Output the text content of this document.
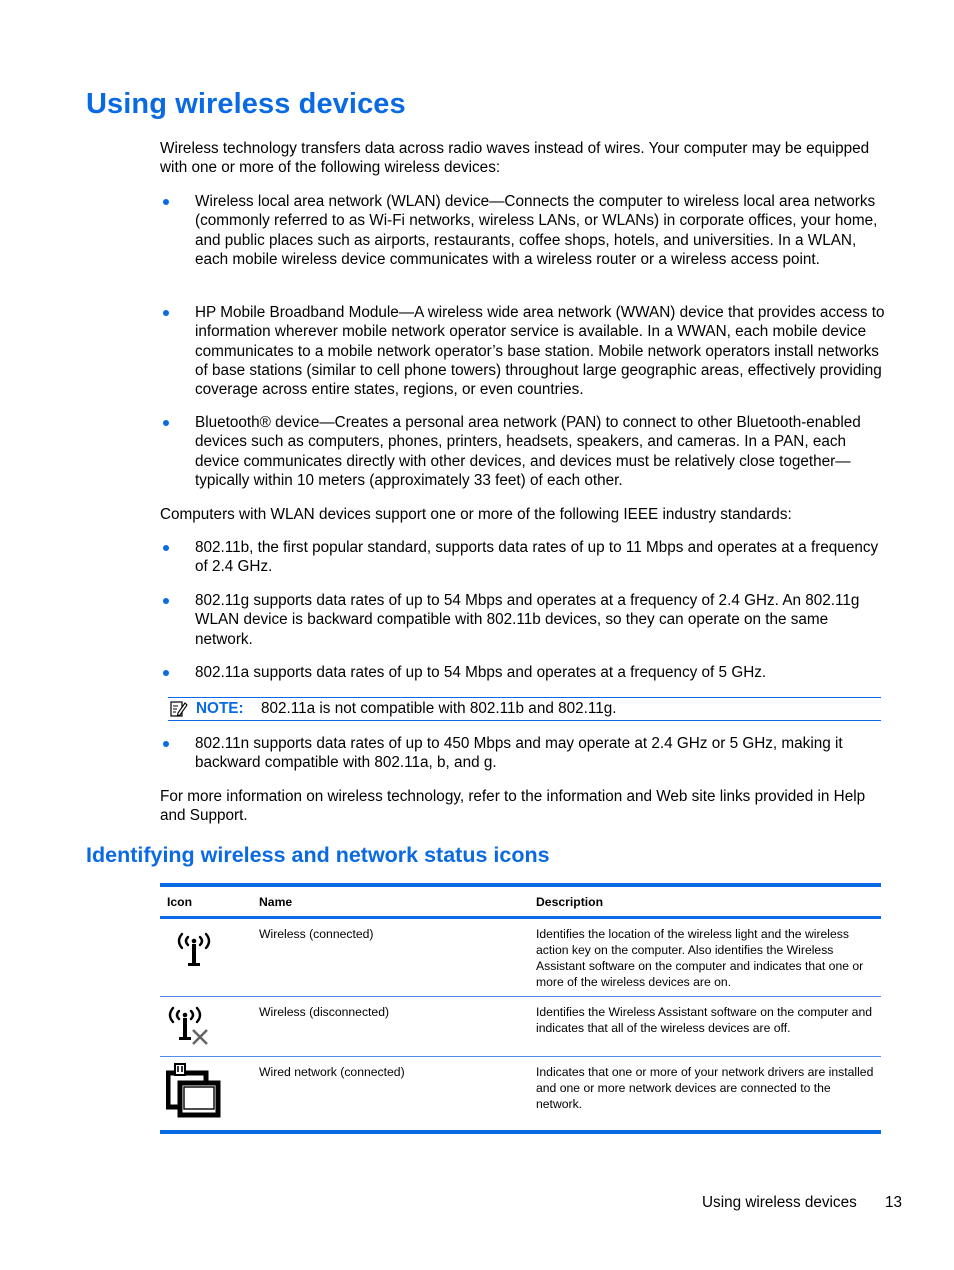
Using wireless devices

Wireless technology transfers data across radio waves instead of wires. Your computer may be equipped with one or more of the following wireless devices:

Wireless local area network (WLAN) device—Connects the computer to wireless local area networks (commonly referred to as Wi-Fi networks, wireless LANs, or WLANs) in corporate offices, your home, and public places such as airports, restaurants, coffee shops, hotels, and universities. In a WLAN, each mobile wireless device communicates with a wireless router or a wireless access point.
HP Mobile Broadband Module—A wireless wide area network (WWAN) device that provides access to information wherever mobile network operator service is available. In a WWAN, each mobile device communicates to a mobile network operator’s base station. Mobile network operators install networks of base stations (similar to cell phone towers) throughout large geographic areas, effectively providing coverage across entire states, regions, or even countries.
Bluetooth® device—Creates a personal area network (PAN) to connect to other Bluetooth-enabled devices such as computers, phones, printers, headsets, speakers, and cameras. In a PAN, each device communicates directly with other devices, and devices must be relatively close together—typically within 10 meters (approximately 33 feet) of each other.

Computers with WLAN devices support one or more of the following IEEE industry standards:

802.11b, the first popular standard, supports data rates of up to 11 Mbps and operates at a frequency of 2.4 GHz.
802.11g supports data rates of up to 54 Mbps and operates at a frequency of 2.4 GHz. An 802.11g WLAN device is backward compatible with 802.11b devices, so they can operate on the same network.
802.11a supports data rates of up to 54 Mbps and operates at a frequency of 5 GHz.
NOTE: 802.11a is not compatible with 802.11b and 802.11g.
802.11n supports data rates of up to 450 Mbps and may operate at 2.4 GHz or 5 GHz, making it backward compatible with 802.11a, b, and g.

For more information on wireless technology, refer to the information and Web site links provided in Help and Support.

Identifying wireless and network status icons
Icon	Name	Description
Wireless (connected)	Identifies the location of the wireless light and the wireless action key on the computer. Also identifies the Wireless Assistant software on the computer and indicates that one or more of the wireless devices are on.
Wireless (disconnected)	Identifies the Wireless Assistant software on the computer and indicates that all of the wireless devices are off.
Wired network (connected)	Indicates that one or more of your network drivers are installed and one or more network devices are connected to the network.
Using wireless devices 13
